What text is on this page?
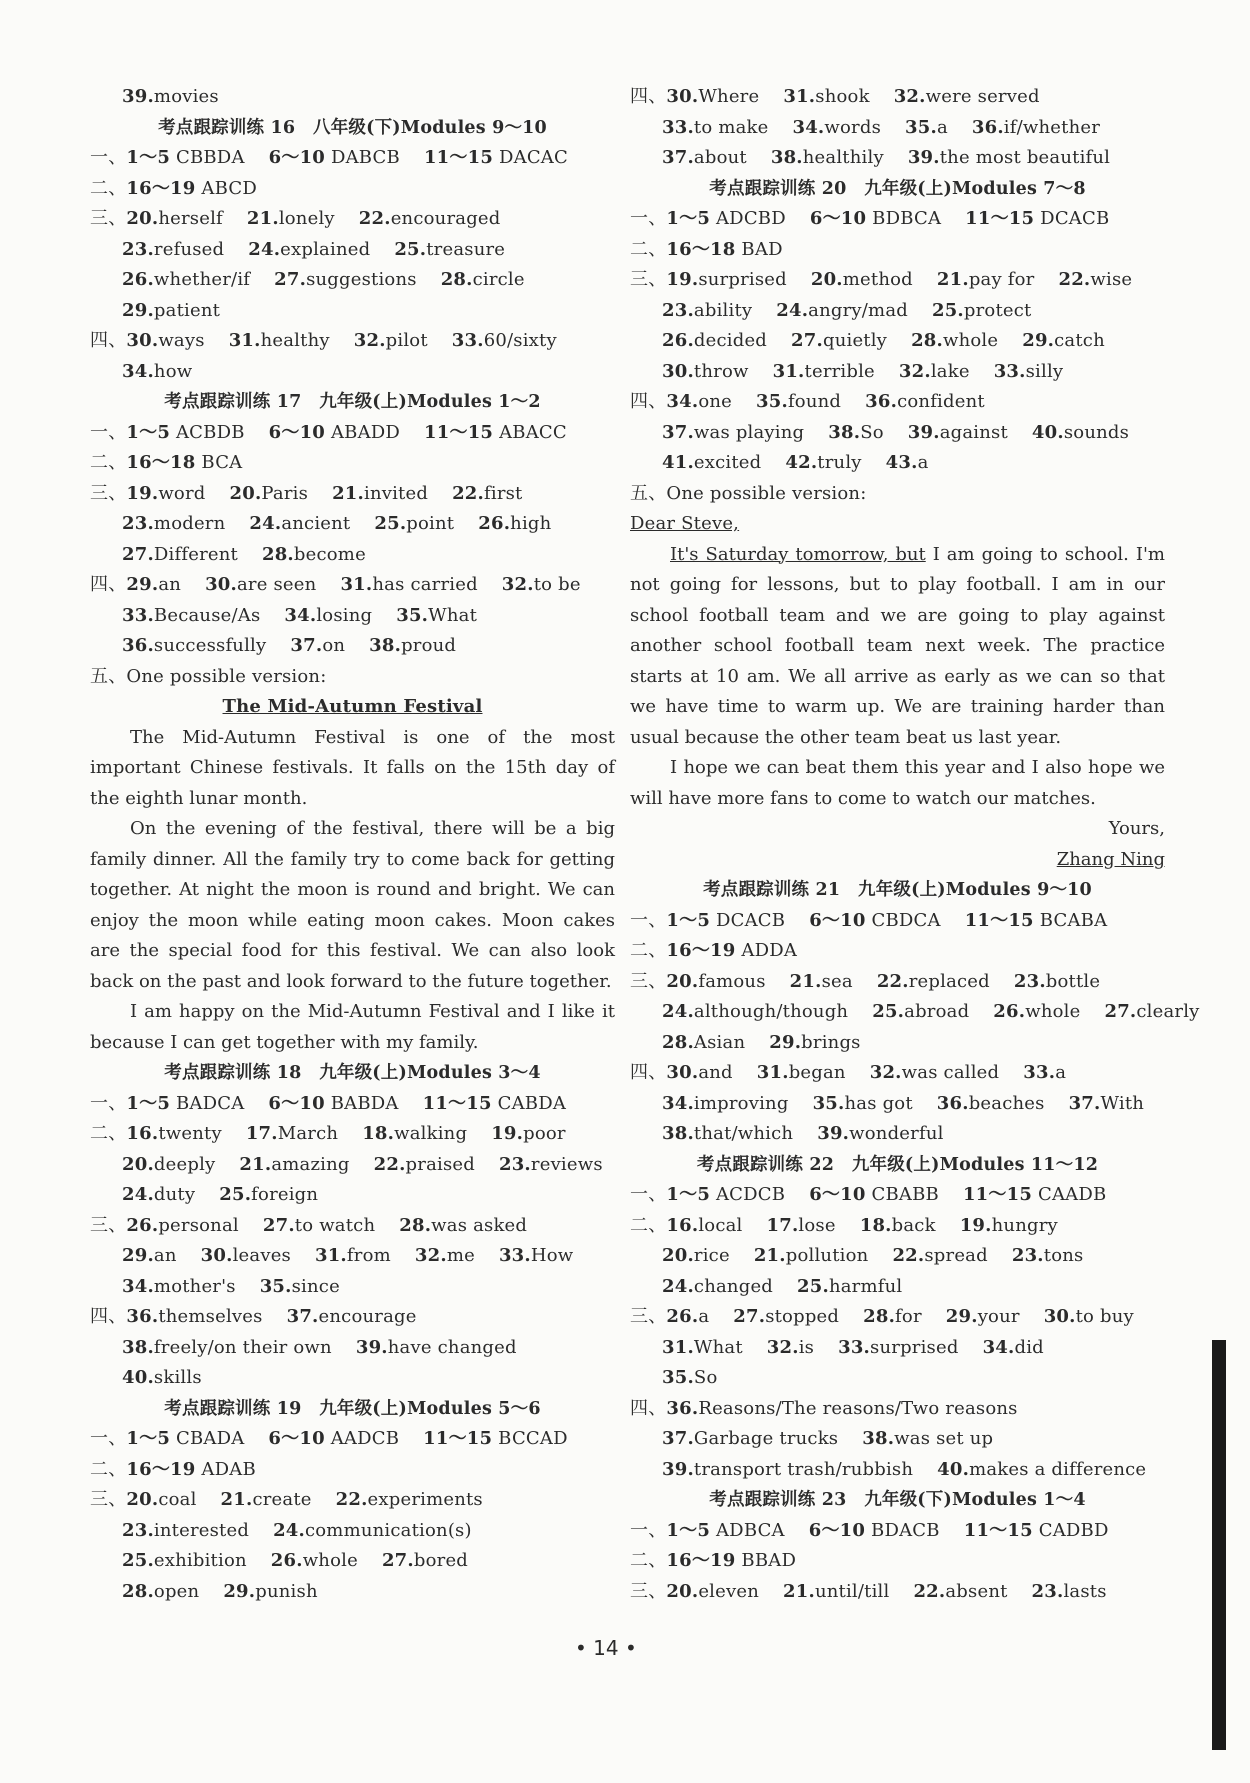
39.movies
考点跟踪训练 16　八年级(下)Modules 9～10
一、1～5 CBBDA 6～10 DABCB 11～15 DACAC
二、16～19 ABCD
三、20.herself 21.lonely 22.encouraged
23.refused 24.explained 25.treasure
26.whether/if 27.suggestions 28.circle
29.patient
四、30.ways 31.healthy 32.pilot 33.60/sixty
34.how
考点跟踪训练 17　九年级(上)Modules 1～2
一、1～5 ACBDB 6～10 ABADD 11～15 ABACC
二、16～18 BCA
三、19.word 20.Paris 21.invited 22.first
23.modern 24.ancient 25.point 26.high
27.Different 28.become
四、29.an 30.are seen 31.has carried 32.to be
33.Because/As 34.losing 35.What
36.successfully 37.on 38.proud
五、One possible version:
The Mid-Autumn Festival

The Mid-Autumn Festival is one of the most important Chinese festivals. It falls on the 15th day of the eighth lunar month.

On the evening of the festival, there will be a big family dinner. All the family try to come back for getting together. At night the moon is round and bright. We can enjoy the moon while eating moon cakes. Moon cakes are the special food for this festival. We can also look back on the past and look forward to the future together.

I am happy on the Mid-Autumn Festival and I like it because I can get together with my family.

考点跟踪训练 18　九年级(上)Modules 3～4
一、1～5 BADCA 6～10 BABDA 11～15 CABDA
二、16.twenty 17.March 18.walking 19.poor
20.deeply 21.amazing 22.praised 23.reviews
24.duty 25.foreign
三、26.personal 27.to watch 28.was asked
29.an 30.leaves 31.from 32.me 33.How
34.mother's 35.since
四、36.themselves 37.encourage
38.freely/on their own 39.have changed
40.skills
考点跟踪训练 19　九年级(上)Modules 5～6
一、1～5 CBADA 6～10 AADCB 11～15 BCCAD
二、16～19 ADAB
三、20.coal 21.create 22.experiments
23.interested 24.communication(s)
25.exhibition 26.whole 27.bored
28.open 29.punish
四、30.Where 31.shook 32.were served
33.to make 34.words 35.a 36.if/whether
37.about 38.healthily 39.the most beautiful
考点跟踪训练 20　九年级(上)Modules 7～8
一、1～5 ADCBD 6～10 BDBCA 11～15 DCACB
二、16～18 BAD
三、19.surprised 20.method 21.pay for 22.wise
23.ability 24.angry/mad 25.protect
26.decided 27.quietly 28.whole 29.catch
30.throw 31.terrible 32.lake 33.silly
四、34.one 35.found 36.confident
37.was playing 38.So 39.against 40.sounds
41.excited 42.truly 43.a
五、One possible version:
Dear Steve,

It's Saturday tomorrow, but I am going to school. I'm not going for lessons, but to play football. I am in our school football team and we are going to play against another school football team next week. The practice starts at 10 am. We all arrive as early as we can so that we have time to warm up. We are training harder than usual because the other team beat us last year.

I hope we can beat them this year and I also hope we will have more fans to come to watch our matches.

Yours,
Zhang Ning
考点跟踪训练 21　九年级(上)Modules 9～10
一、1～5 DCACB 6～10 CBDCA 11～15 BCABA
二、16～19 ADDA
三、20.famous 21.sea 22.replaced 23.bottle
24.although/though 25.abroad 26.whole 27.clearly
28.Asian 29.brings
四、30.and 31.began 32.was called 33.a
34.improving 35.has got 36.beaches 37.With
38.that/which 39.wonderful
考点跟踪训练 22　九年级(上)Modules 11～12
一、1～5 ACDCB 6～10 CBABB 11～15 CAADB
二、16.local 17.lose 18.back 19.hungry
20.rice 21.pollution 22.spread 23.tons
24.changed 25.harmful
三、26.a 27.stopped 28.for 29.your 30.to buy
31.What 32.is 33.surprised 34.did
35.So
四、36.Reasons/The reasons/Two reasons
37.Garbage trucks 38.was set up
39.transport trash/rubbish 40.makes a difference
考点跟踪训练 23　九年级(下)Modules 1～4
一、1～5 ADBCA 6～10 BDACB 11～15 CADBD
二、16～19 BBAD
三、20.eleven 21.until/till 22.absent 23.lasts
• 14 •
